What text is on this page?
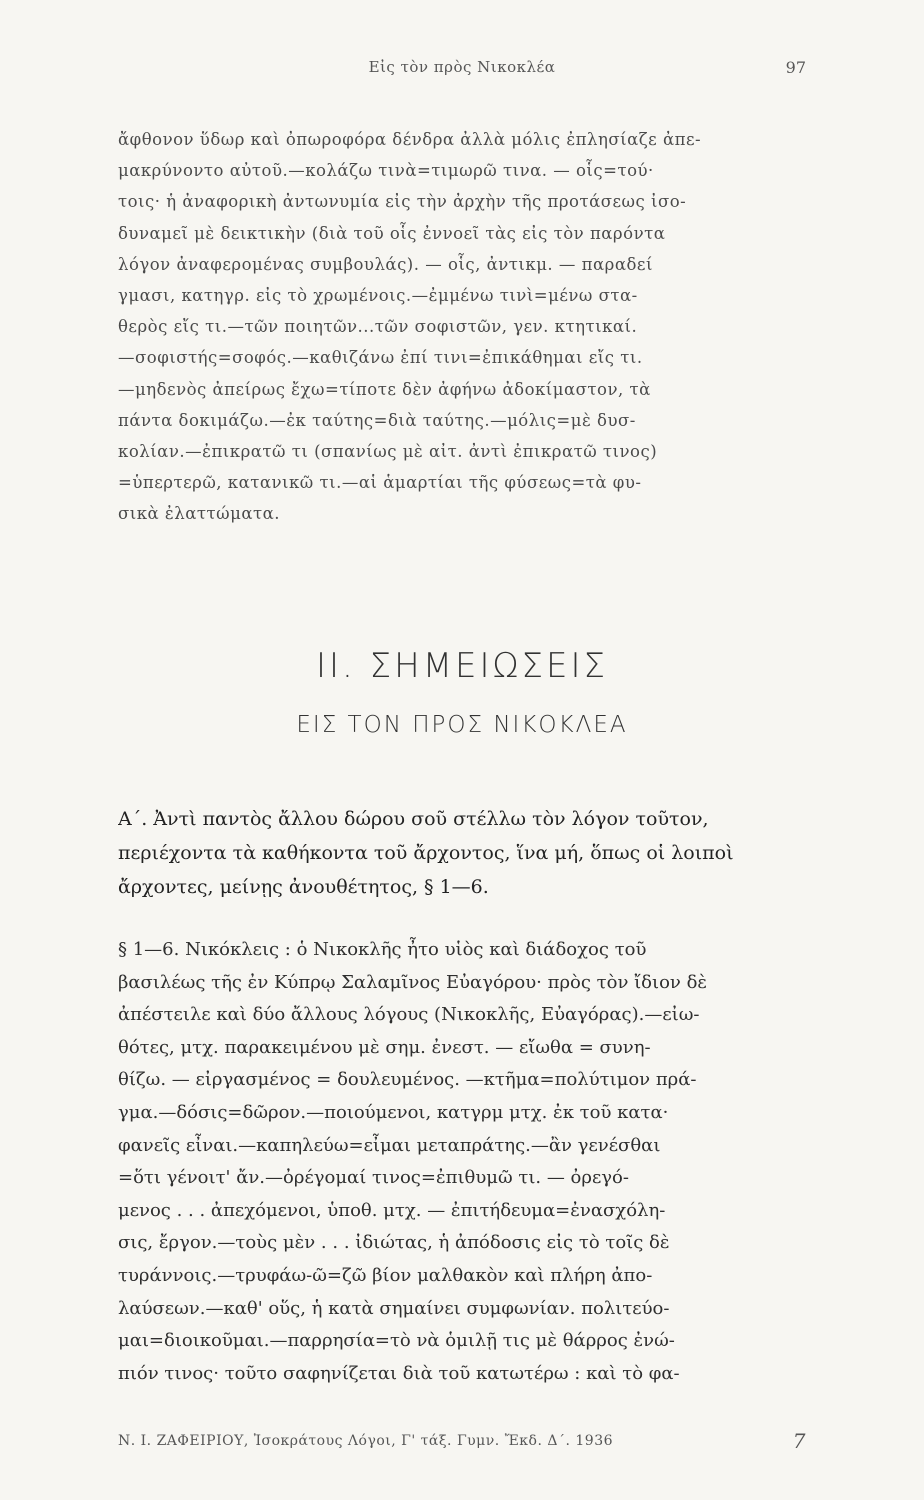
Εἰς τὸν πρὸς Νικοκλέα	97
ἄφθονον ὕδωρ καὶ ὀπωροφόρα δένδρα ἀλλὰ μόλις ἐπλησίαζε ἀπε-
μακρύνοντο αὐτοῦ.—κολάζω τινὰ=τιμωρῶ τινα. — οἷς=τού·
τοις· ἡ ἀναφορικὴ ἀντωνυμία εἰς τὴν ἀρχὴν τῆς προτάσεως ἰσο-
δυναμεῖ μὲ δεικτικὴν (διὰ τοῦ οἷς ἐννοεῖ τὰς εἰς τὸν παρόντα
λόγον ἀναφερομένας συμβουλάς). — οἷς, ἀντικμ. — παραδεί
γμασι, κατηγρ. εἰς τὸ χρωμένοις.—ἐμμένω τινὶ=μένω στα-
θερὸς εἴς τι.—τῶν ποιητῶν...τῶν σοφιστῶν, γεν. κτητικαί.
—σοφιστής=σοφός.—καθιζάνω ἐπί τινι=ἐπικάθημαι εἴς τι.
—μηδενὸς ἀπείρως ἔχω=τίποτε δὲν ἀφήνω ἀδοκίμαστον, τὰ
πάντα δοκιμάζω.—ἐκ ταύτης=διὰ ταύτης.—μόλις=μὲ δυσ-
κολίαν.—ἐπικρατῶ τι (σπανίως μὲ αἰτ. ἀντὶ ἐπικρατῶ τινος)
=ὑπερτερῶ, κατανικῶ τι.—αἱ ἁμαρτίαι τῆς φύσεως=τὰ φυ-
σικὰ ἐλαττώματα.
II. ΣΗΜΕΙΩΣΕΙΣ
ΕΙΣ ΤΟΝ ΠΡΟΣ ΝΙΚΟΚΛΕΑ
Α΄. Ἀντὶ παντὸς ἄλλου δώρου σοῦ στέλλω τὸν λόγον τοῦτον,
περιέχοντα τὰ καθήκοντα τοῦ ἄρχοντος, ἵνα μή, ὅπως οἱ λοιποὶ
ἄρχοντες, μείνῃς ἀνουθέτητος, § 1—6.
§ 1—6. Νικόκλεις : ὁ Νικοκλῆς ἦτο υἱὸς καὶ διάδοχος τοῦ
βασιλέως τῆς ἐν Κύπρῳ Σαλαμῖνος Εὐαγόρου· πρὸς τὸν ἴδιον δὲ
ἀπέστειλε καὶ δύο ἄλλους λόγους (Νικοκλῆς, Εὐαγόρας).—εἰω-
θότες, μτχ. παρακειμένου μὲ σημ. ἐνεστ. — εἴωθα = συνη-
θίζω. — εἰργασμένος = δουλευμένος. —κτῆμα=πολύτιμον πρά-
γμα.—δόσις=δῶρον.—ποιούμενοι, κατγρμ μτχ. ἐκ τοῦ κατα·
φανεῖς εἶναι.—καπηλεύω=εἶμαι μεταπράτης.—ἂν γενέσθαι
=ὅτι γένοιτ' ἄν.—ὀρέγομαί τινος=ἐπιθυμῶ τι. — ὀρεγό-
μενος . . . ἀπεχόμενοι, ὑποθ. μτχ. — ἐπιτήδευμα=ἐνασχόλη-
σις, ἔργον.—τοὺς μὲν . . . ἰδιώτας, ἡ ἀπόδοσις εἰς τὸ τοῖς δὲ
τυράννοις.—τρυφάω-ῶ=ζῶ βίον μαλθακὸν καὶ πλήρη ἀπο-
λαύσεων.—καθ' οὕς, ἡ κατὰ σημαίνει συμφωνίαν. πολιτεύο-
μαι=διοικοῦμαι.—παρρησία=τὸ νὰ ὁμιλῇ τις μὲ θάρρος ἐνώ-
πιόν τινος· τοῦτο σαφηνίζεται διὰ τοῦ κατωτέρω : καὶ τὸ φα-
Ν. Ι. ΖΑΦΕΙΡΙΟΥ, Ἰσοκράτους Λόγοι, Γ' τάξ. Γυμν. Ἔκδ. Δ΄. 1936	7
